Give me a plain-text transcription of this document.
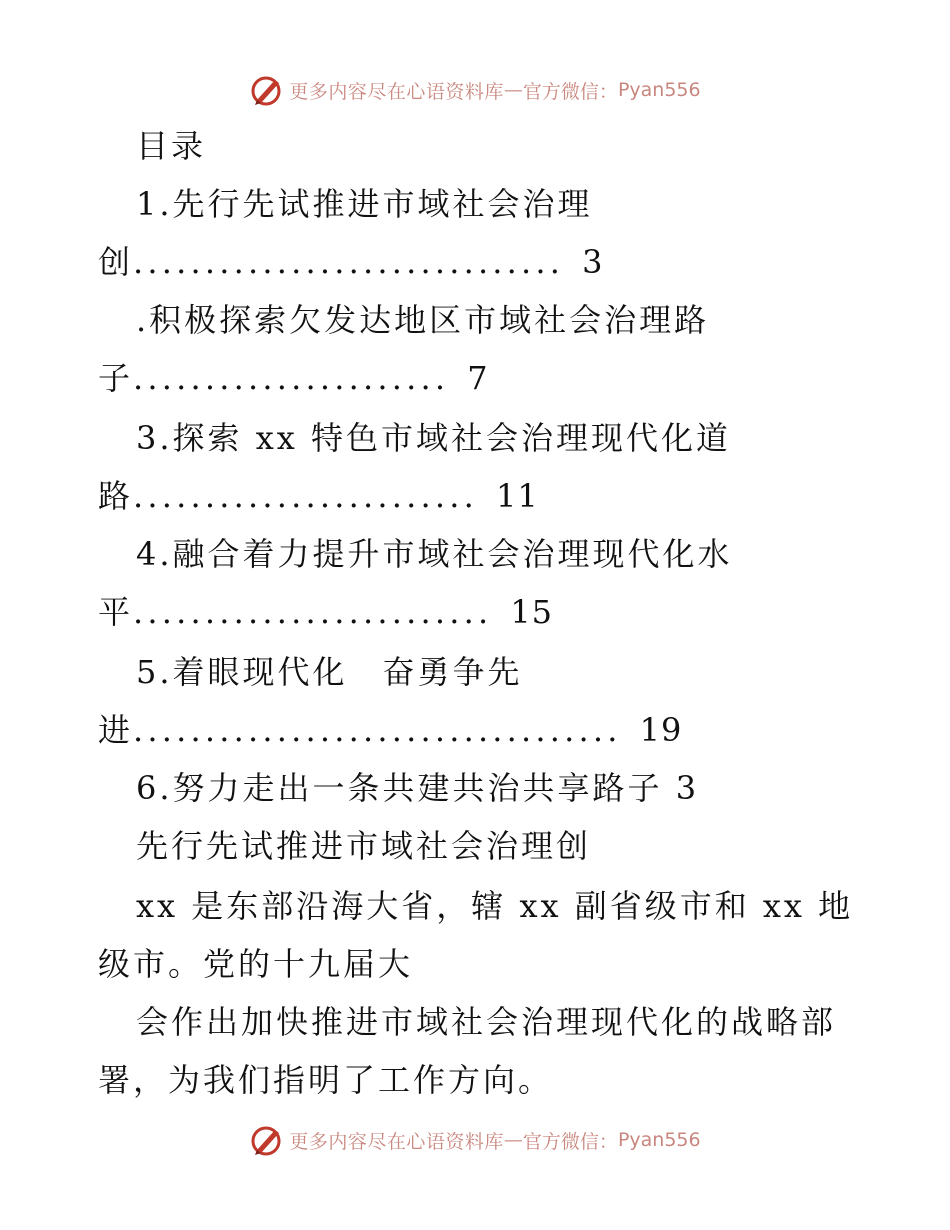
更多内容尽在心语资料库 — 官方微信： Pyan556
目录
1.先行先试推进市域社会治理
创.............................. 3
.积极探索欠发达地区市域社会治理路
子...................... 7
3.探索 xx 特色市域社会治理现代化道
路........................ 11
4.融合着力提升市域社会治理现代化水
平......................... 15
5.着眼现代化　奋勇争先
进.................................. 19
6.努力走出一条共建共治共享路子 3
先行先试推进市域社会治理创
xx 是东部沿海大省，辖 xx 副省级市和 xx 地
级市。党的十九届大
会作出加快推进市域社会治理现代化的战略部
署，为我们指明了工作方向。
更多内容尽在心语资料库 — 官方微信： Pyan556
